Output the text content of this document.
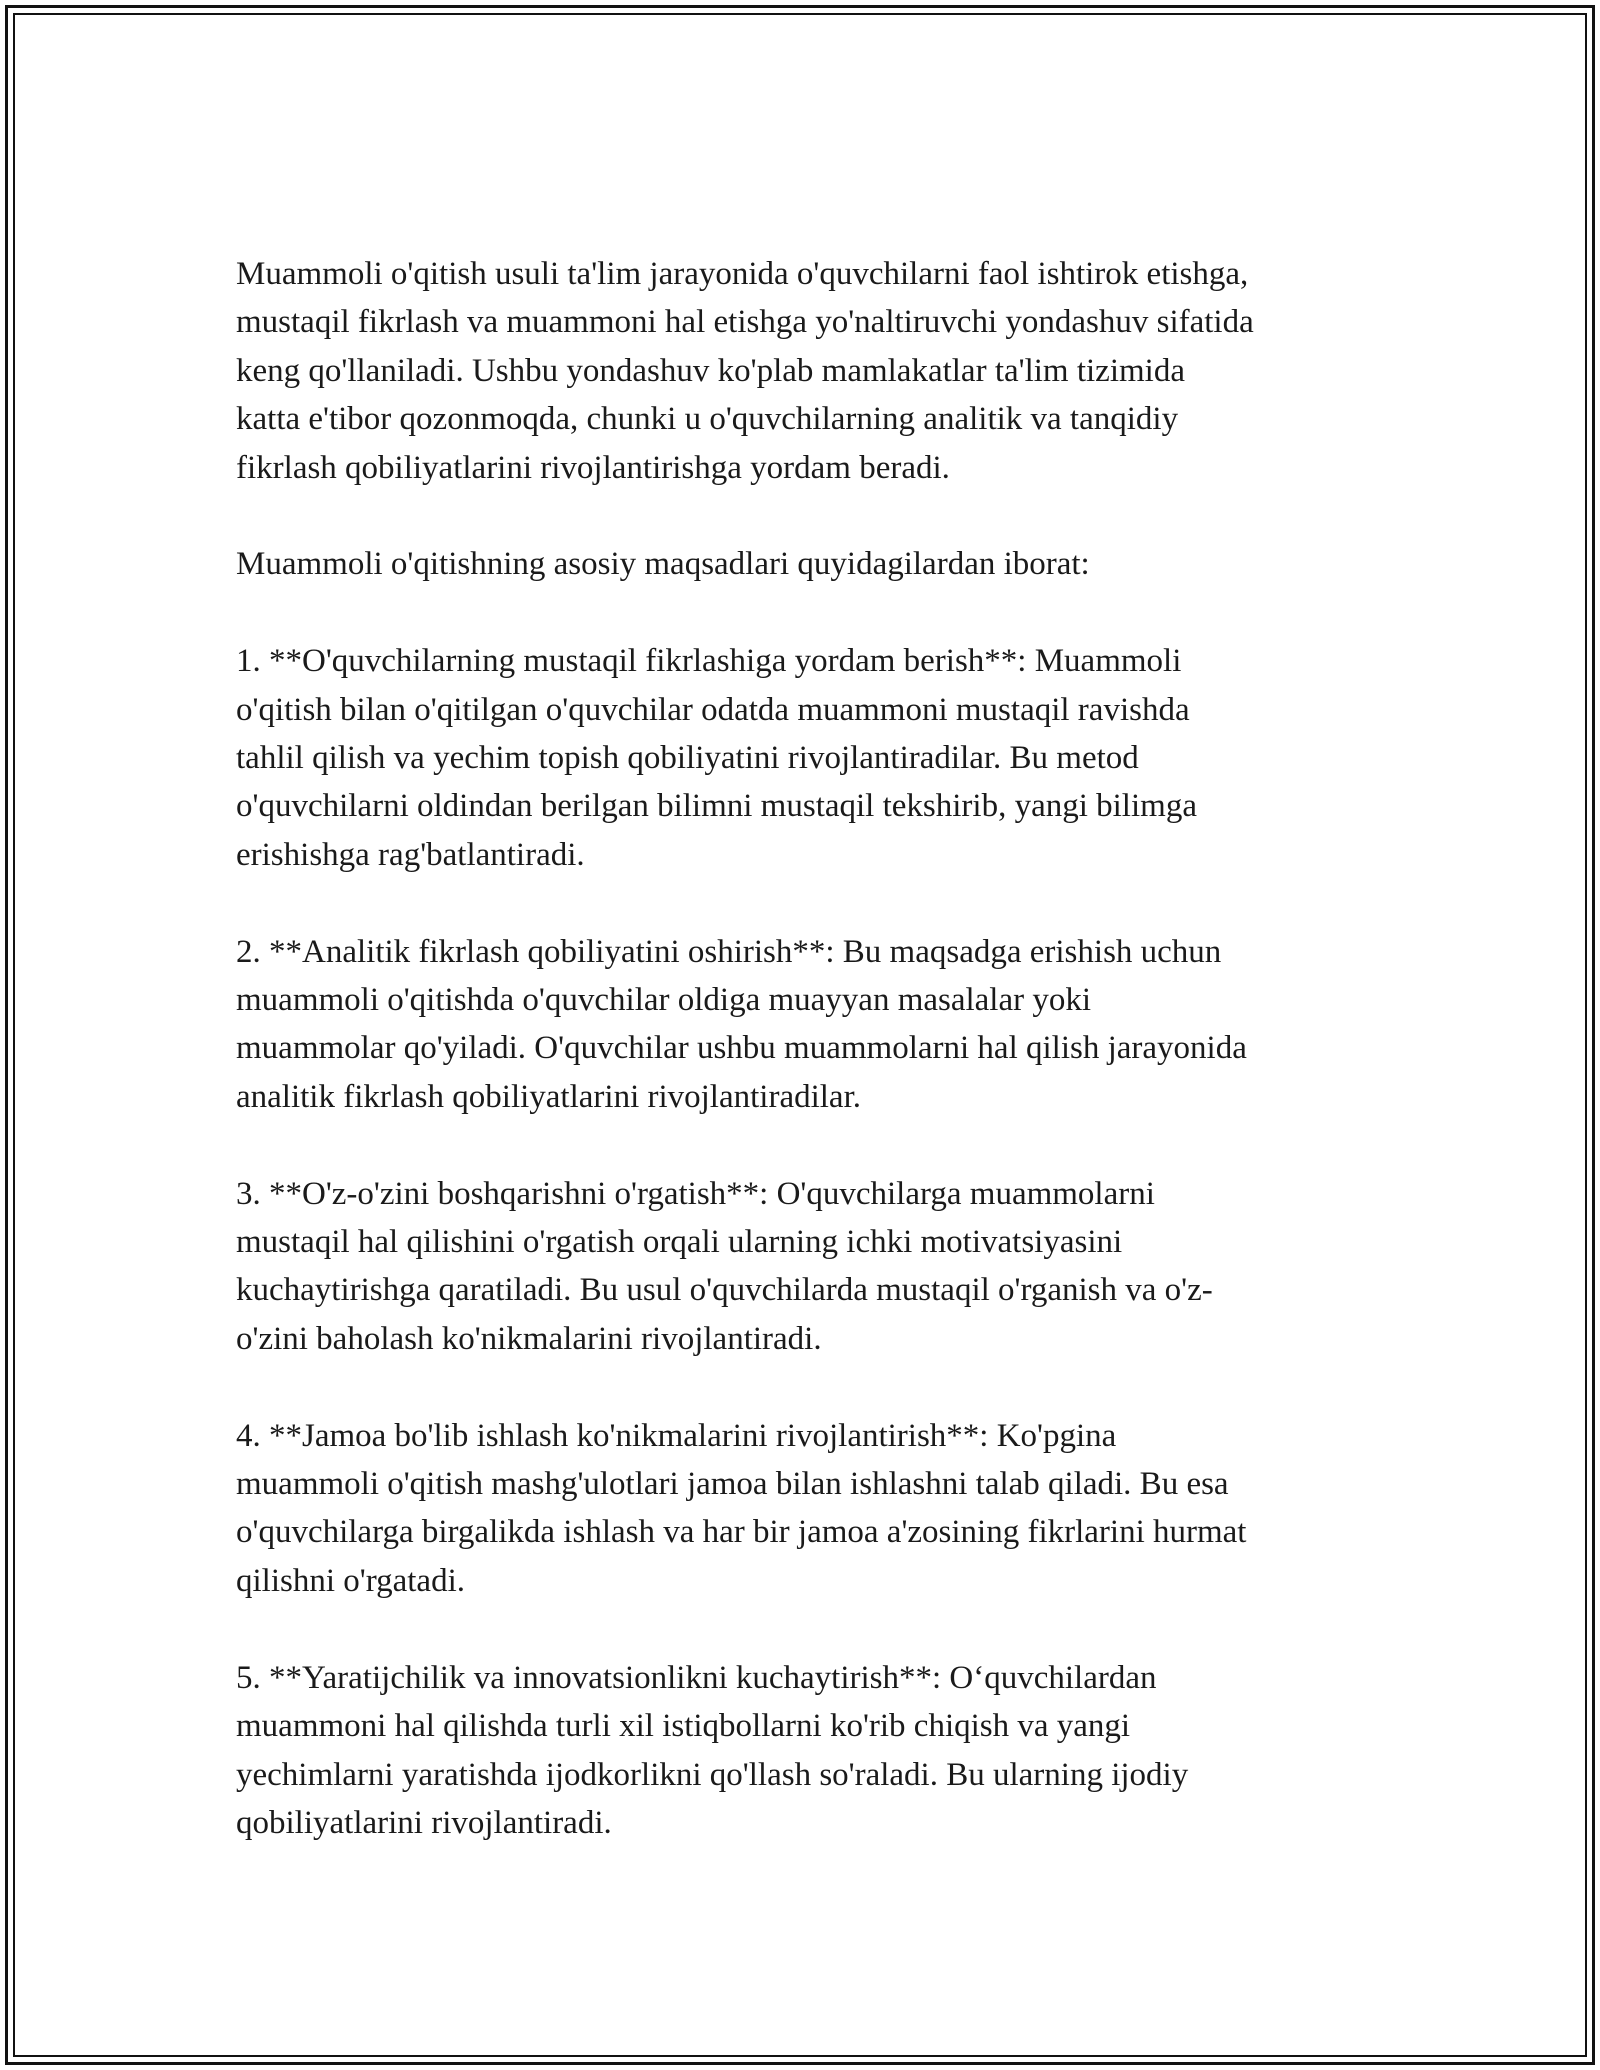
Muammoli o'qitish usuli ta'lim jarayonida o'quvchilarni faol ishtirok etishga,
mustaqil fikrlash va muammoni hal etishga yo'naltiruvchi yondashuv sifatida
keng qo'llaniladi. Ushbu yondashuv ko'plab mamlakatlar ta'lim tizimida
katta e'tibor qozonmoqda, chunki u o'quvchilarning analitik va tanqidiy
fikrlash qobiliyatlarini rivojlantirishga yordam beradi.

Muammoli o'qitishning asosiy maqsadlari quyidagilardan iborat:

1. **O'quvchilarning mustaqil fikrlashiga yordam berish**: Muammoli
o'qitish bilan o'qitilgan o'quvchilar odatda muammoni mustaqil ravishda
tahlil qilish va yechim topish qobiliyatini rivojlantiradilar. Bu metod
o'quvchilarni oldindan berilgan bilimni mustaqil tekshirib, yangi bilimga
erishishga rag'batlantiradi.

2. **Analitik fikrlash qobiliyatini oshirish**: Bu maqsadga erishish uchun
muammoli o'qitishda o'quvchilar oldiga muayyan masalalar yoki
muammolar qo'yiladi. O'quvchilar ushbu muammolarni hal qilish jarayonida
analitik fikrlash qobiliyatlarini rivojlantiradilar.

3. **O'z-o'zini boshqarishni o'rgatish**: O'quvchilarga muammolarni
mustaqil hal qilishini o'rgatish orqali ularning ichki motivatsiyasini
kuchaytirishga qaratiladi. Bu usul o'quvchilarda mustaqil o'rganish va o'z-
o'zini baholash ko'nikmalarini rivojlantiradi.

4. **Jamoa bo'lib ishlash ko'nikmalarini rivojlantirish**: Ko'pgina
muammoli o'qitish mashg'ulotlari jamoa bilan ishlashni talab qiladi. Bu esa
o'quvchilarga birgalikda ishlash va har bir jamoa a'zosining fikrlarini hurmat
qilishni o'rgatadi.

5. **Yaratijchilik va innovatsionlikni kuchaytirish**: O‘quvchilardan
muammoni hal qilishda turli xil istiqbollarni ko'rib chiqish va yangi
yechimlarni yaratishda ijodkorlikni qo'llash so'raladi. Bu ularning ijodiy
qobiliyatlarini rivojlantiradi.
